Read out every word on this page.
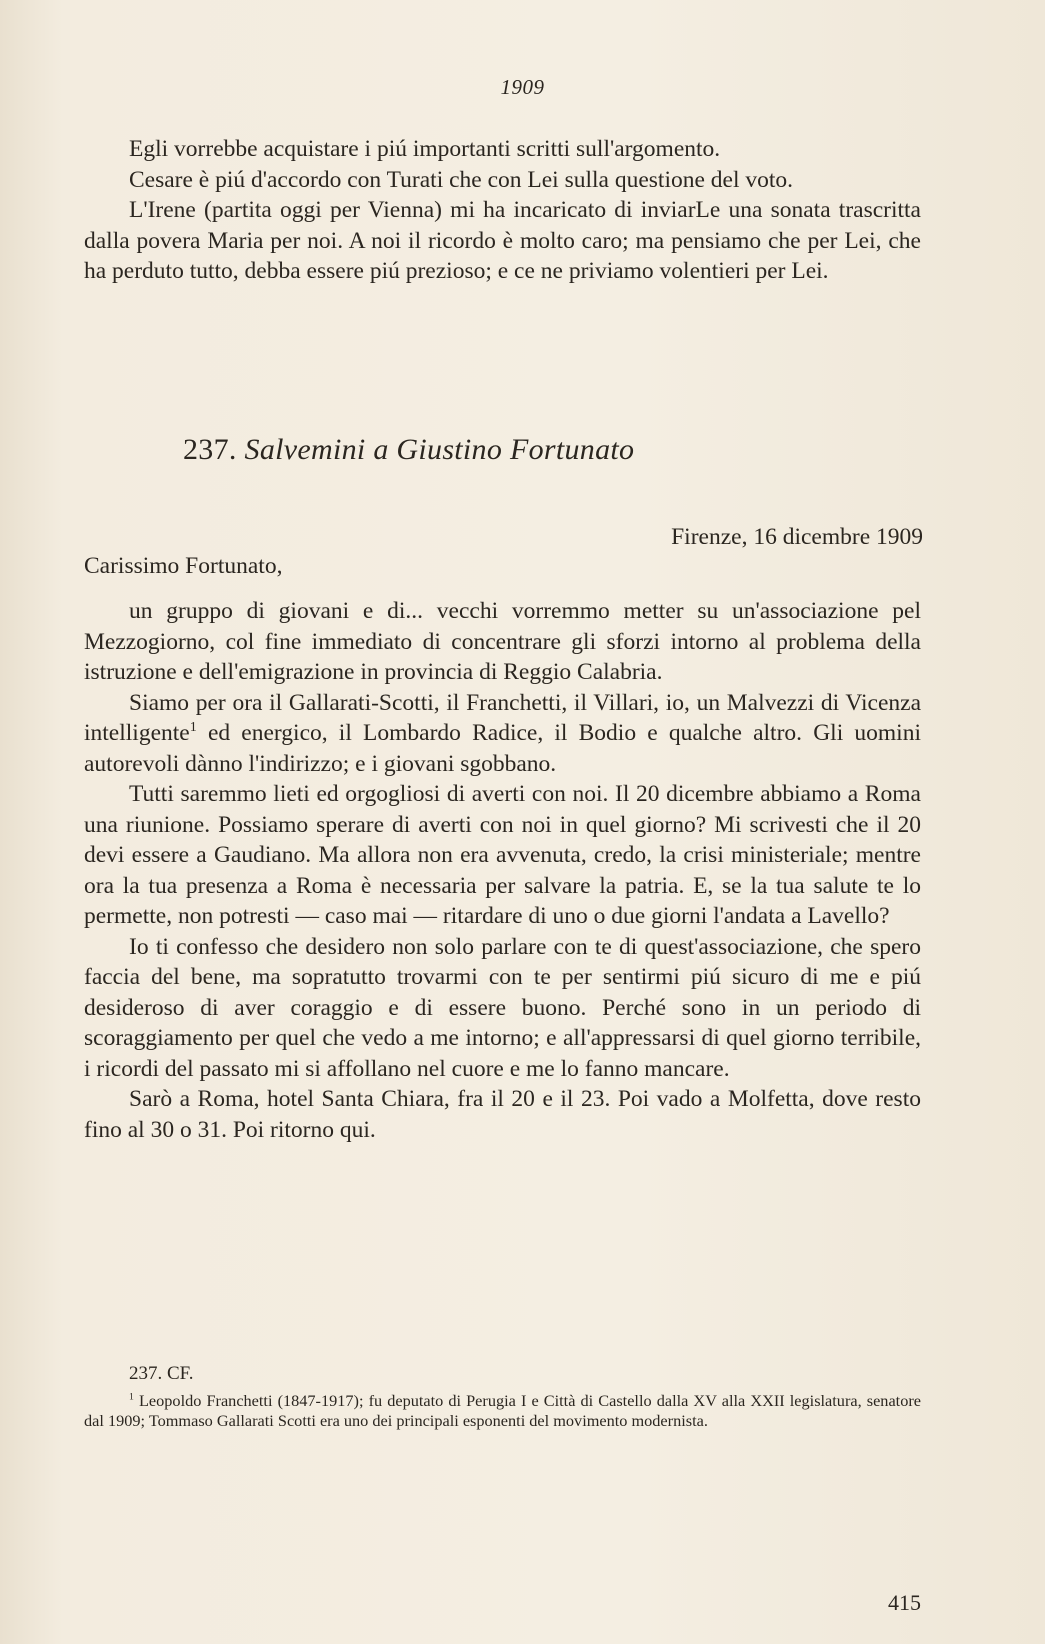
1909

Egli vorrebbe acquistare i piú importanti scritti sull'argomento.

Cesare è piú d'accordo con Turati che con Lei sulla questione del voto.

L'Irene (partita oggi per Vienna) mi ha incaricato di inviarLe una sonata trascritta dalla povera Maria per noi. A noi il ricordo è molto caro; ma pensiamo che per Lei, che ha perduto tutto, debba essere piú prezioso; e ce ne priviamo volentieri per Lei.

237. Salvemini a Giustino Fortunato
Firenze, 16 dicembre 1909
Carissimo Fortunato,

un gruppo di giovani e di... vecchi vorremmo metter su un'associazione pel Mezzogiorno, col fine immediato di concentrare gli sforzi intorno al problema della istruzione e dell'emigrazione in provincia di Reggio Calabria.

Siamo per ora il Gallarati-Scotti, il Franchetti, il Villari, io, un Malvezzi di Vicenza intelligente$^1$ ed energico, il Lombardo Radice, il Bodio e qualche altro. Gli uomini autorevoli dànno l'indirizzo; e i giovani sgobbano.

Tutti saremmo lieti ed orgogliosi di averti con noi. Il 20 dicembre abbiamo a Roma una riunione. Possiamo sperare di averti con noi in quel giorno? Mi scrivesti che il 20 devi essere a Gaudiano. Ma allora non era avvenuta, credo, la crisi ministeriale; mentre ora la tua presenza a Roma è necessaria per salvare la patria. E, se la tua salute te lo permette, non potresti — caso mai — ritardare di uno o due giorni l'andata a Lavello?

Io ti confesso che desidero non solo parlare con te di quest'associazione, che spero faccia del bene, ma sopratutto trovarmi con te per sentirmi piú sicuro di me e piú desideroso di aver coraggio e di essere buono. Perché sono in un periodo di scoraggiamento per quel che vedo a me intorno; e all'appressarsi di quel giorno terribile, i ricordi del passato mi si affollano nel cuore e me lo fanno mancare.

Sarò a Roma, hotel Santa Chiara, fra il 20 e il 23. Poi vado a Molfetta, dove resto fino al 30 o 31. Poi ritorno qui.

237. CF.

$^1$ Leopoldo Franchetti (1847-1917); fu deputato di Perugia I e Città di Castello dalla XV alla XXII legislatura, senatore dal 1909; Tommaso Gallarati Scotti era uno dei principali esponenti del movimento modernista.

415
